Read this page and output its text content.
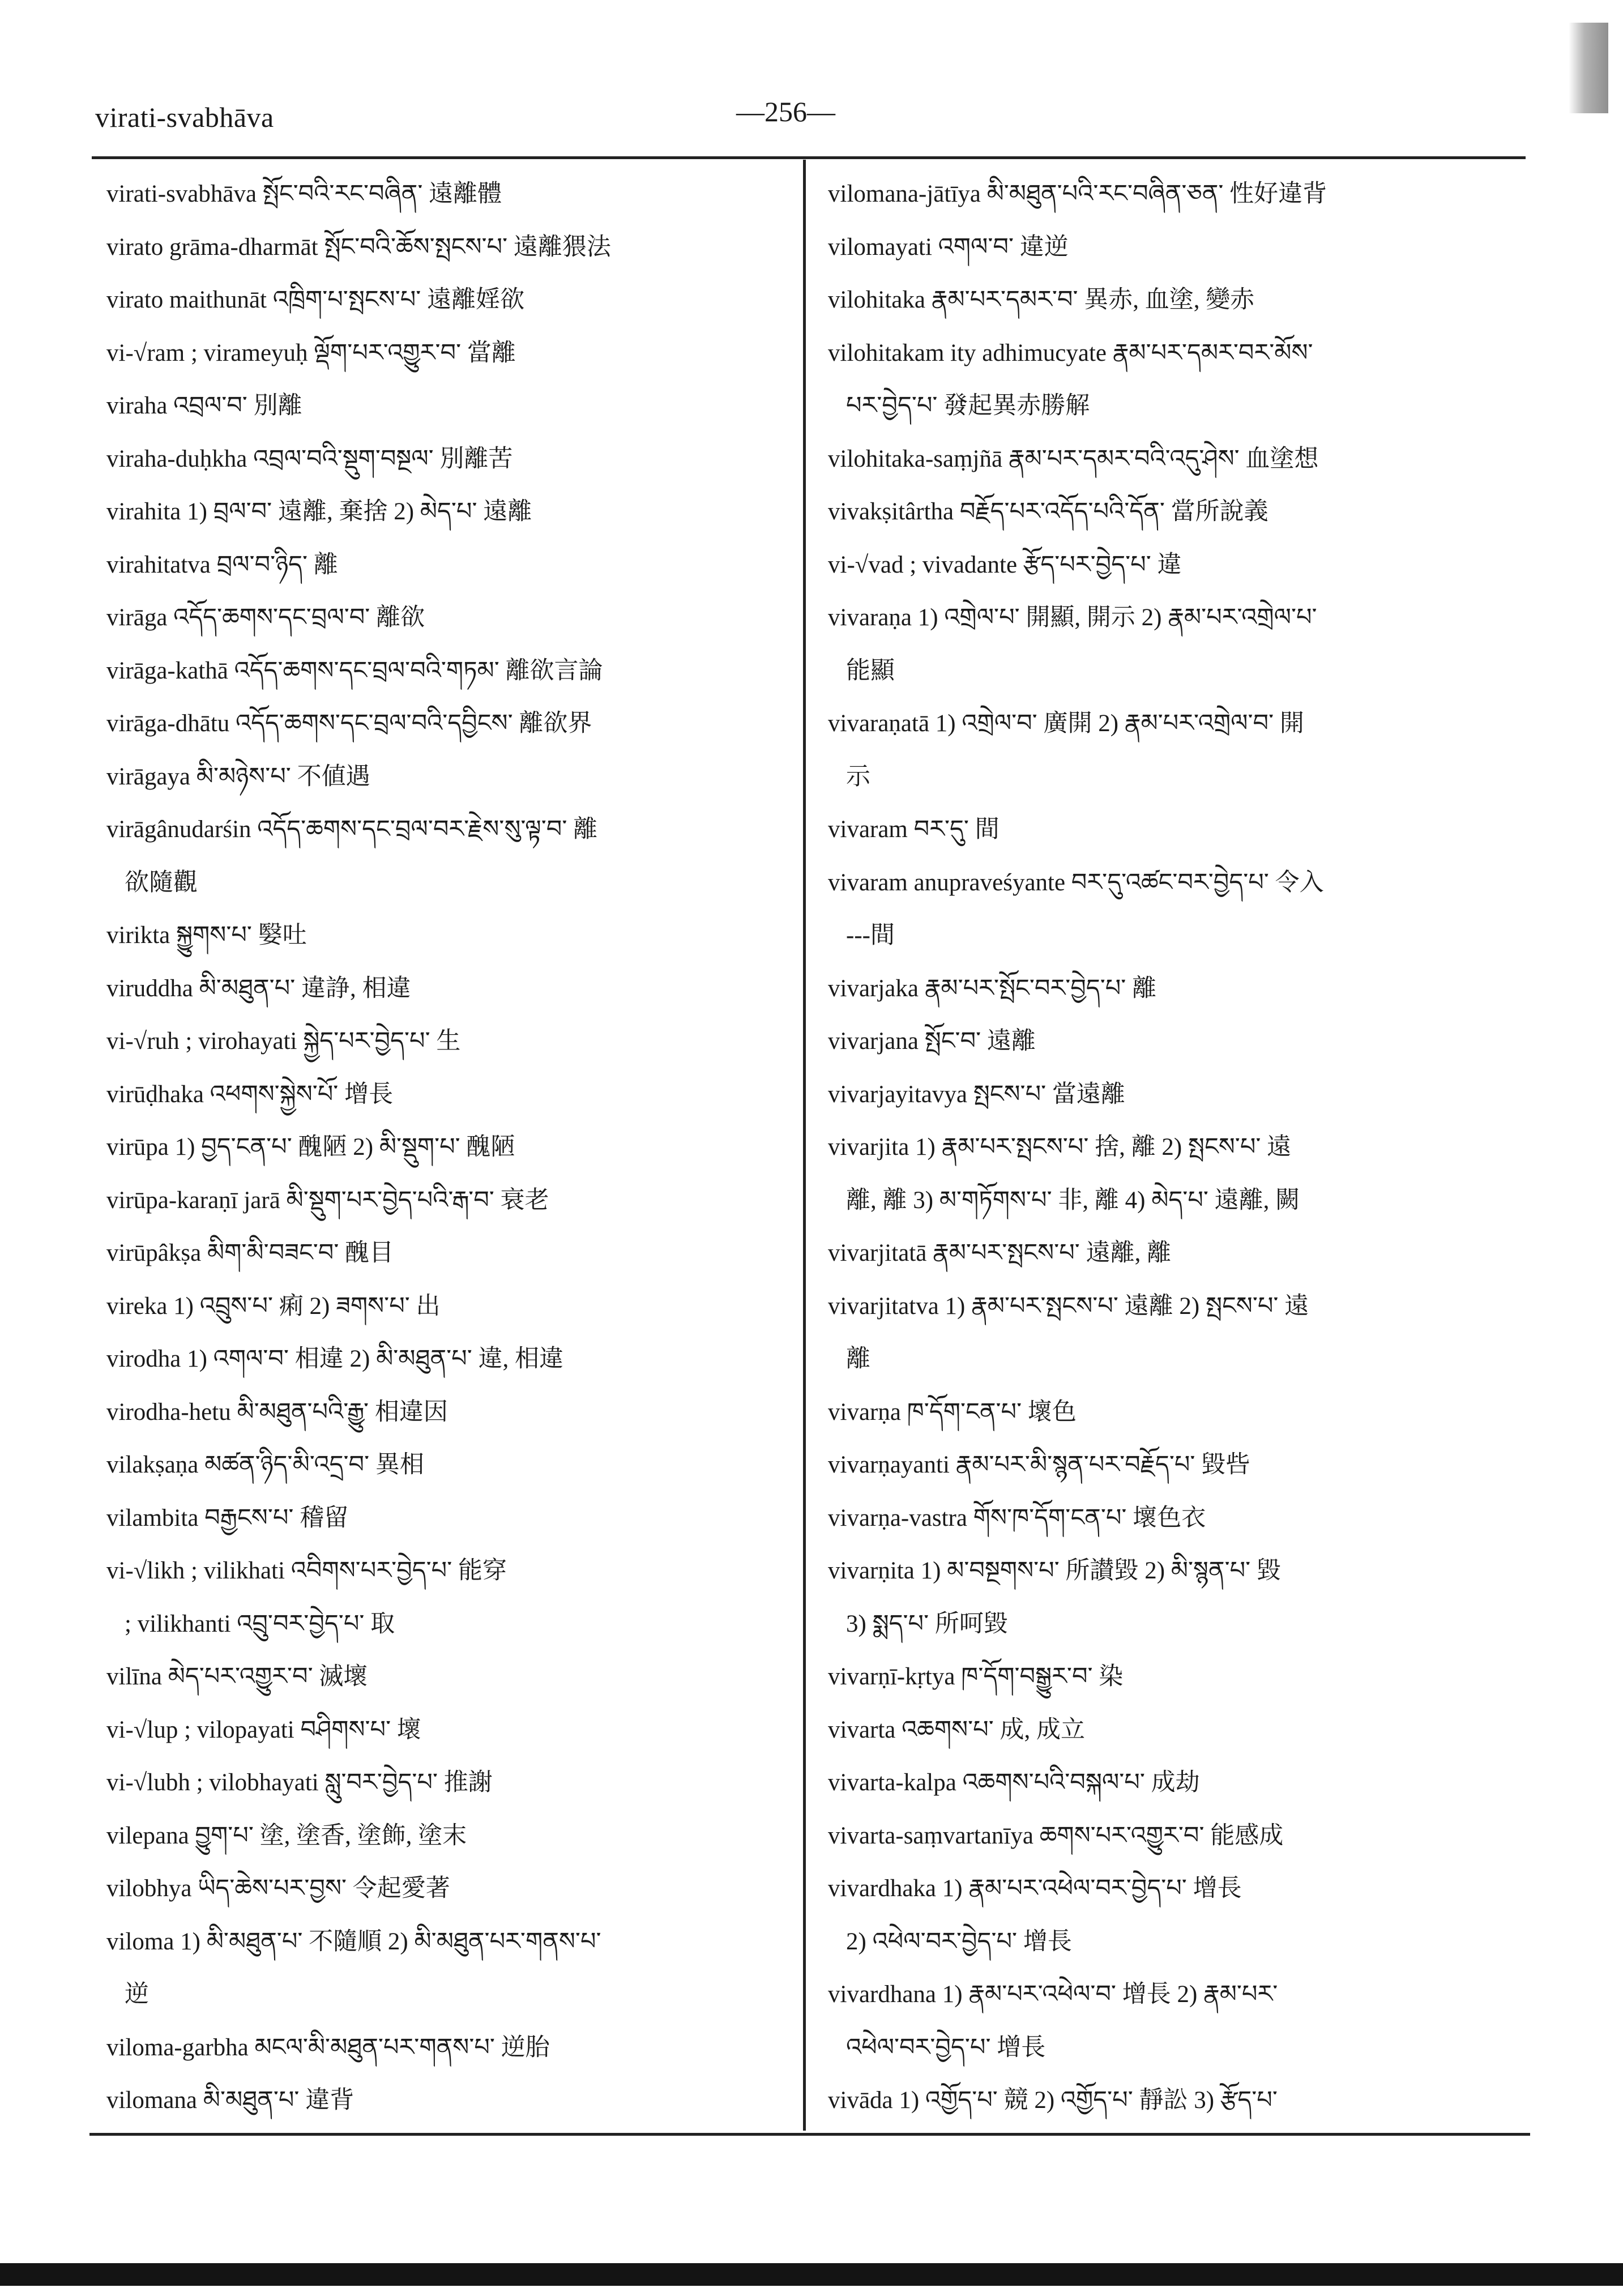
virati-svabhāva	—256—
virati-svabhāva སྤོང་བའི་རང་བཞིན་ 遠離體
virato grāma-dharmāt སྤོང་བའི་ཆོས་སྤངས་པ་ 遠離猥法
virato maithunāt འཁྲིག་པ་སྤངས་པ་ 遠離婬欲
vi-√ram ; virameyuḥ ལྡོག་པར་འགྱུར་བ་ 當離
viraha འབྲལ་བ་ 別離
viraha-duḥkha འབྲལ་བའི་སྡུག་བསྔལ་ 別離苦
virahita 1) བྲལ་བ་ 遠離, 棄捨 2) མེད་པ་ 遠離
virahitatva བྲལ་བ་ཉིད་ 離
virāga འདོད་ཆགས་དང་བྲལ་བ་ 離欲
virāga-kathā འདོད་ཆགས་དང་བྲལ་བའི་གཏམ་ 離欲言論
virāga-dhātu འདོད་ཆགས་དང་བྲལ་བའི་དབྱིངས་ 離欲界
virāgaya མི་མཉེས་པ་ 不値遇
virāgânudarśin འདོད་ཆགས་དང་བྲལ་བར་རྗེས་སུ་ལྟ་བ་ 離
欲隨觀
virikta སྐྱུགས་པ་ 嫛吐
viruddha མི་མཐུན་པ་ 違諍, 相違
vi-√ruh ; virohayati སྐྱེད་པར་བྱེད་པ་ 生
virūḍhaka འཕགས་སྐྱེས་པོ་ 增長
virūpa 1) བྱད་ངན་པ་ 醜陋 2) མི་སྡུག་པ་ 醜陋
virūpa-karaṇī jarā མི་སྡུག་པར་བྱེད་པའི་རྒ་བ་ 衰老
virūpâkṣa མིག་མི་བཟང་བ་ 醜目
vireka 1) འབྲུས་པ་ 痢 2) ཟགས་པ་ 出
virodha 1) འགལ་བ་ 相違 2) མི་མཐུན་པ་ 違, 相違
virodha-hetu མི་མཐུན་པའི་རྒྱུ་ 相違因
vilakṣaṇa མཚན་ཉིད་མི་འདྲ་བ་ 異相
vilambita བརྒྱངས་པ་ 稽留
vi-√likh ; vilikhati འབིགས་པར་བྱེད་པ་ 能穿
; vilikhanti འབྲུ་བར་བྱེད་པ་ 取
vilīna མེད་པར་འགྱུར་བ་ 滅壞
vi-√lup ; vilopayati བཤིགས་པ་ 壞
vi-√lubh ; vilobhayati སླུ་བར་བྱེད་པ་ 推謝
vilepana བྱུག་པ་ 塗, 塗香, 塗飾, 塗末
vilobhya ཡིད་ཆེས་པར་བྱས་ 令起愛著
viloma 1) མི་མཐུན་པ་ 不隨順 2) མི་མཐུན་པར་གནས་པ་
逆
viloma-garbha མངལ་མི་མཐུན་པར་གནས་པ་ 逆胎
vilomana མི་མཐུན་པ་ 違背
vilomana-jātīya མི་མཐུན་པའི་རང་བཞིན་ཅན་ 性好違背
vilomayati འགལ་བ་ 違逆
vilohitaka རྣམ་པར་དམར་བ་ 異赤, 血塗, 變赤
vilohitakam ity adhimucyate རྣམ་པར་དམར་བར་མོས་
པར་བྱེད་པ་ 發起異赤勝解
vilohitaka-saṃjñā རྣམ་པར་དམར་བའི་འདུ་ཤེས་ 血塗想
vivakṣitârtha བརྗོད་པར་འདོད་པའི་དོན་ 當所說義
vi-√vad ; vivadante རྩོད་པར་བྱེད་པ་ 違
vivaraṇa 1) འགྲེལ་པ་ 開顯, 開示 2) རྣམ་པར་འགྲེལ་པ་
能顯
vivaraṇatā 1) འགྲེལ་བ་ 廣開 2) རྣམ་པར་འགྲེལ་བ་ 開
示
vivaram བར་དུ་ 間
vivaram anupraveśyante བར་དུ་འཚང་བར་བྱེད་པ་ 令入
---間
vivarjaka རྣམ་པར་སྤོང་བར་བྱེད་པ་ 離
vivarjana སྤོང་བ་ 遠離
vivarjayitavya སྤངས་པ་ 當遠離
vivarjita 1) རྣམ་པར་སྤངས་པ་ 捨, 離 2) སྤངས་པ་ 遠
離, 離 3) མ་གཏོགས་པ་ 非, 離 4) མེད་པ་ 遠離, 闕
vivarjitatā རྣམ་པར་སྤངས་པ་ 遠離, 離
vivarjitatva 1) རྣམ་པར་སྤངས་པ་ 遠離 2) སྤངས་པ་ 遠
離
vivarṇa ཁ་དོག་ངན་པ་ 壞色
vivarṇayanti རྣམ་པར་མི་སྙན་པར་བརྗོད་པ་ 毀呰
vivarṇa-vastra གོས་ཁ་དོག་ངན་པ་ 壞色衣
vivarṇita 1) མ་བསྔགས་པ་ 所讃毀 2) མི་སྙན་པ་ 毀
3) སྨད་པ་ 所呵毀
vivarṇī-kṛtya ཁ་དོག་བསྒྱུར་བ་ 染
vivarta འཆགས་པ་ 成, 成立
vivarta-kalpa འཆགས་པའི་བསྐལ་པ་ 成劫
vivarta-saṃvartanīya ཆགས་པར་འགྱུར་བ་ 能感成
vivardhaka 1) རྣམ་པར་འཕེལ་བར་བྱེད་པ་ 增長
2) འཕེལ་བར་བྱེད་པ་ 增長
vivardhana 1) རྣམ་པར་འཕེལ་བ་ 增長 2) རྣམ་པར་
འཕེལ་བར་བྱེད་པ་ 增長
vivāda 1) འགྱོད་པ་ 競 2) འགྱོད་པ་ 靜訟 3) རྩོད་པ་
